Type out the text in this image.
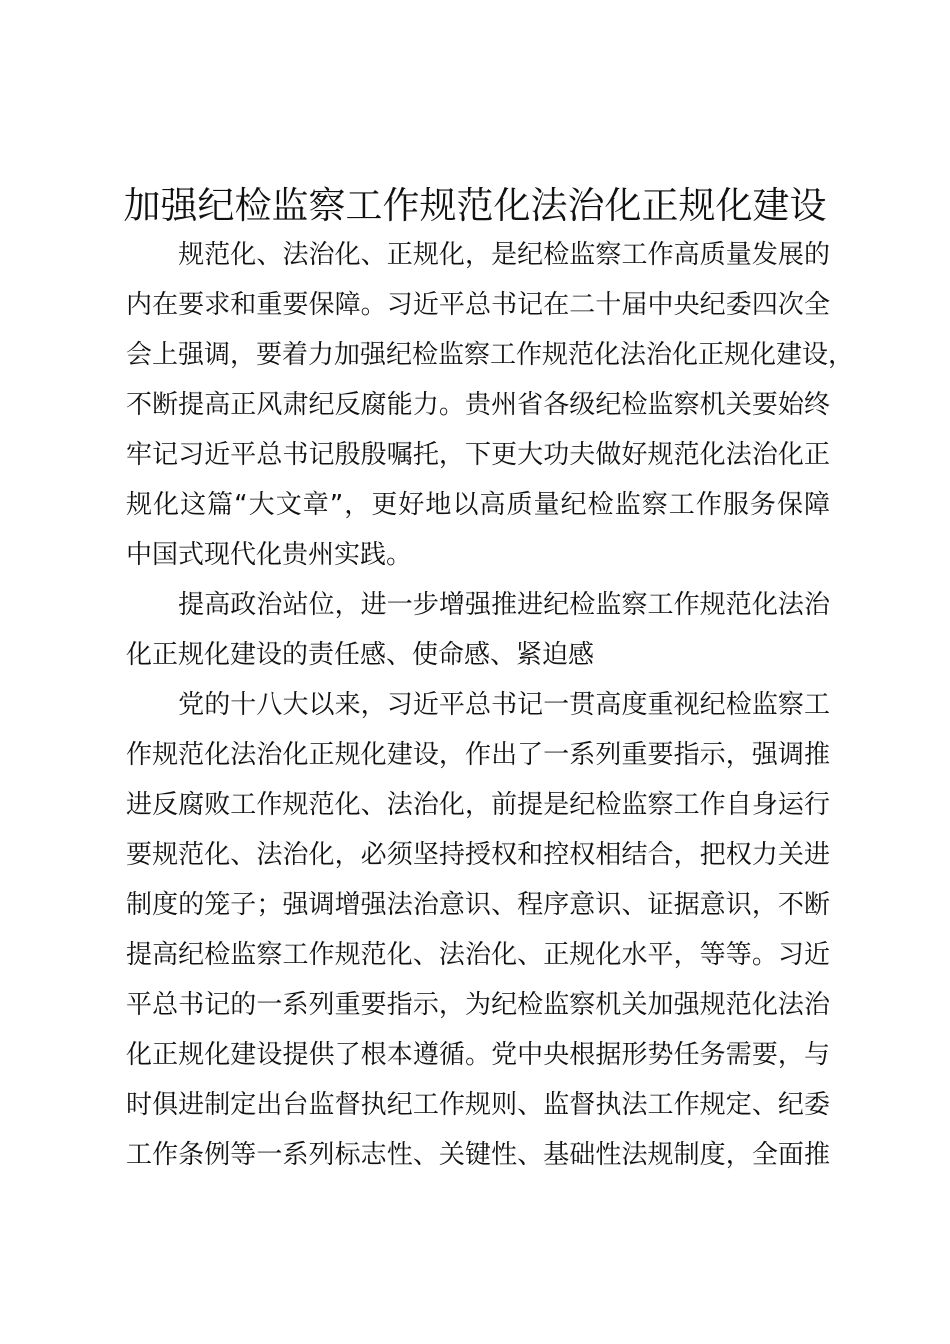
加强纪检监察工作规范化法治化正规化建设

　　规范化、法治化、正规化，是纪检监察工作高质量发展的

内在要求和重要保障。习近平总书记在二十届中央纪委四次全

会上强调，要着力加强纪检监察工作规范化法治化正规化建设，

不断提高正风肃纪反腐能力。贵州省各级纪检监察机关要始终

牢记习近平总书记殷殷嘱托，下更大功夫做好规范化法治化正

规化这篇“大文章”，更好地以高质量纪检监察工作服务保障

中国式现代化贵州实践。

　　提高政治站位，进一步增强推进纪检监察工作规范化法治

化正规化建设的责任感、使命感、紧迫感

　　党的十八大以来，习近平总书记一贯高度重视纪检监察工

作规范化法治化正规化建设，作出了一系列重要指示，强调推

进反腐败工作规范化、法治化，前提是纪检监察工作自身运行

要规范化、法治化，必须坚持授权和控权相结合，把权力关进

制度的笼子；强调增强法治意识、程序意识、证据意识，不断

提高纪检监察工作规范化、法治化、正规化水平，等等。习近

平总书记的一系列重要指示，为纪检监察机关加强规范化法治

化正规化建设提供了根本遵循。党中央根据形势任务需要，与

时俱进制定出台监督执纪工作规则、监督执法工作规定、纪委

工作条例等一系列标志性、关键性、基础性法规制度，全面推
